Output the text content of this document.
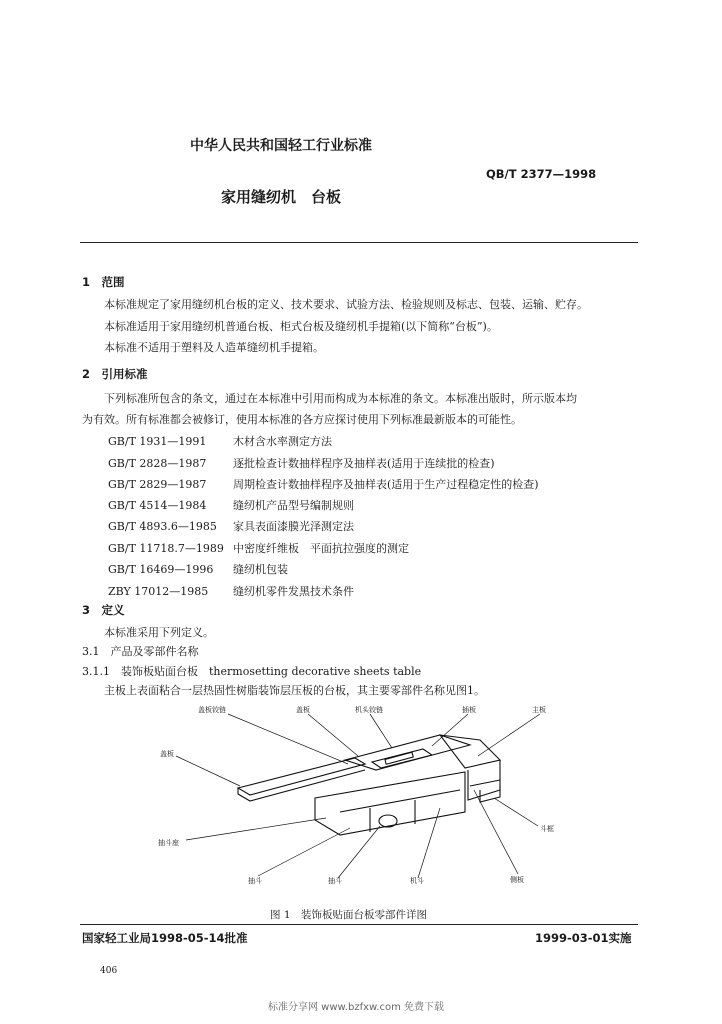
中华人民共和国轻工行业标准
QB/T 2377—1998
家用缝纫机　台板
1　范围
本标准规定了家用缝纫机台板的定义、技术要求、试验方法、检验规则及标志、包装、运输、贮存。
本标准适用于家用缝纫机普通台板、柜式台板及缝纫机手提箱(以下简称“台板”)。
本标准不适用于塑料及人造革缝纫机手提箱。
2　引用标准
下列标准所包含的条文，通过在本标准中引用而构成为本标准的条文。本标准出版时，所示版本均
为有效。所有标准都会被修订，使用本标准的各方应探讨使用下列标准最新版本的可能性。
GB/T 1931—1991 木材含水率测定方法
GB/T 2828—1987 逐批检查计数抽样程序及抽样表(适用于连续批的检查)
GB/T 2829—1987 周期检查计数抽样程序及抽样表(适用于生产过程稳定性的检查)
GB/T 4514—1984 缝纫机产品型号编制规则
GB/T 4893.6—1985 家具表面漆膜光泽测定法
GB/T 11718.7—1989 中密度纤维板　平面抗拉强度的测定
GB/T 16469—1996 缝纫机包装
ZBY 17012—1985 缝纫机零件发黑技术条件
3　定义
本标准采用下列定义。
3.1　产品及零部件名称
3.1.1　装饰板贴面台板　thermosetting decorative sheets table
主板上表面粘合一层热固性树脂装饰层压板的台板，其主要零部件名称见图1。
盖板铰链	盖板	机头铰链	插板	主板
盖板
抽斗座
抽斗	抽斗	机斗	侧板
斗框
图 1　装饰板贴面台板零部件详图
国家轻工业局1998-05-14批准	1999-03-01实施
406
标准分享网 www.bzfxw.com 免费下载
